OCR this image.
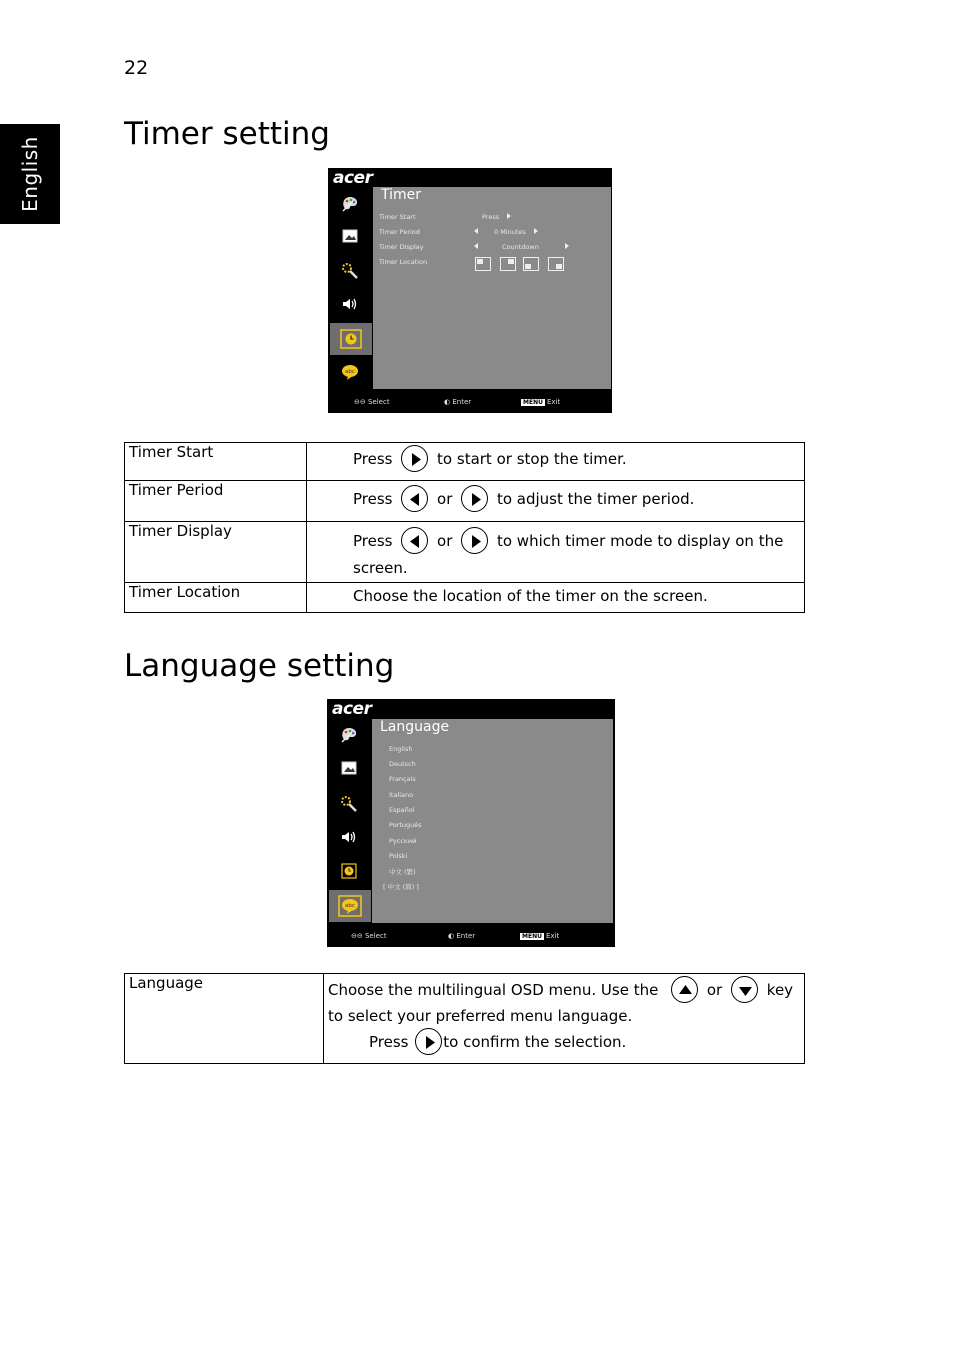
22
English
Timer setting
acer
abc
Timer
Timer Start	Press
Timer Period	0 Minutes
Timer Display	Countdown
Timer Location
⊖⊖ Select	◐ Enter	MENU Exit
Timer Start	Press to start or stop the timer.
Timer Period	Press or to adjust the timer period.
Timer Display	Press or to which timer mode to display on the
screen.
Timer Location	Choose the location of the timer on the screen.
Language setting
acer
abc
Language
English
Deutsch
Français
Italiano
Español
Português
Русский
Polski
中文 (繁)
[ 中文 (简) ]
⊖⊖ Select	◐ Enter	MENU Exit
Language	Choose the multilingual OSD menu. Use the	or	key
to select your preferred menu language.
Press to confirm the selection.
